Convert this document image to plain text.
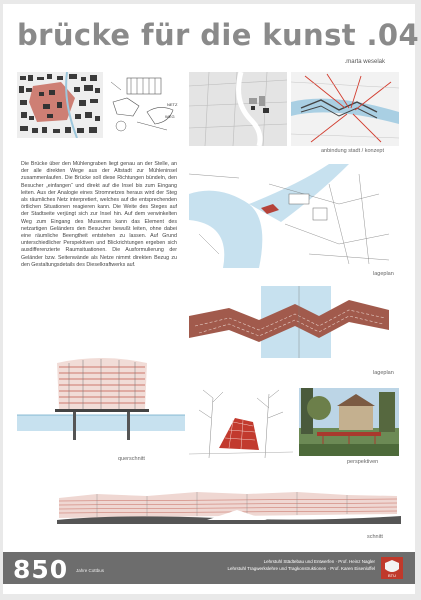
brücke für die kunst .04
.marta weselak
NETZ
WEG
anbindung stadt / konzept
Die Brücke über den Mühlengraben liegt genau an der Stelle, an der alle direkten Wege aus der Altstadt zur Mühleninsel zusammenlaufen. Die Brücke soll diese Richtungen bündeln, den Besucher „einfangen“ und direkt auf die Insel bis zum Eingang leiten. Aus der Analogie eines Stromnetzes heraus wird der Steg als räumliches Netz interpretiert, welches auf die entsprechenden örtlichen Situationen reagieren kann. Die Weite des Steges auf der Stadtseite verjüngt sich zur Insel hin. Auf dem verwinkelten Weg zum Eingang des Museums kann das Element des netzartigen Geländers den Besucher bewußt leiten, ohne dabei eine räumliche Beengtheit entstehen zu lassen. Auf Grund unterschiedlicher Perspektiven und Blickrichtungen ergeben sich ausdifferenzierte Raumsituationen. Die Ausformulierung der Geländer bzw. Seitenwände als Netze nimmt direkten Bezug zu den Gestaltungsdetails des Dieselkraftwerks auf.
lageplan
lageplan
querschnitt	perspektiven
schnitt
850 Jahre Cottbus
Lehrstuhl Städtebau und Entwerfen · Prof. Heinz Nagler
Lehrstuhl Tragwerkslehre und Tragkonstruktionen · Prof. Karen Eisenloffel
BTU
